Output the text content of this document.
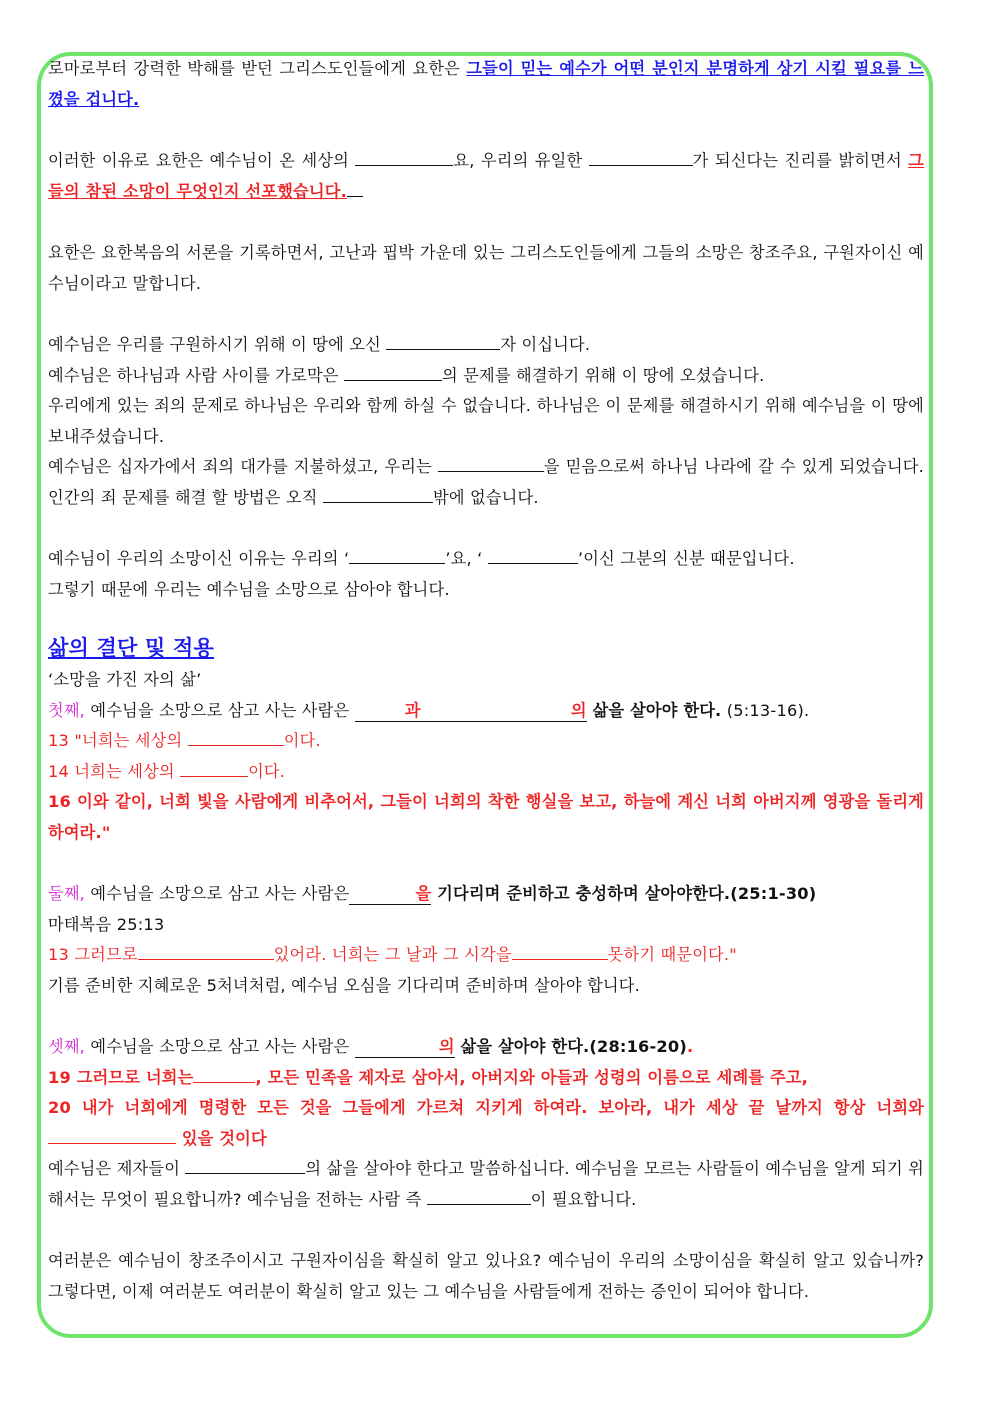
로마로부터 강력한 박해를 받던 그리스도인들에게 요한은 그들이 믿는 예수가 어떤 분인지 분명하게 상기 시킬 필요를 느꼈을 겁니다.

이러한 이유로 요한은 예수님이 온 세상의	요, 우리의 유일한	가 되신다는 진리를 밝히면서 그들의 참된 소망이 무엇인지 선포했습니다.

요한은 요한복음의 서론을 기록하면서, 고난과 핍박 가운데 있는 그리스도인들에게 그들의 소망은 창조주요, 구원자이신 예수님이라고 말합니다.

예수님은 우리를 구원하시기 위해 이 땅에 오신	자 이십니다.

예수님은 하나님과 사람 사이를 가로막은	의 문제를 해결하기 위해 이 땅에 오셨습니다.

우리에게 있는 죄의 문제로 하나님은 우리와 함께 하실 수 없습니다. 하나님은 이 문제를 해결하시기 위해 예수님을 이 땅에 보내주셨습니다.

예수님은 십자가에서 죄의 대가를 지불하셨고, 우리는	을 믿음으로써 하나님 나라에 갈 수 있게 되었습니다. 인간의 죄 문제를 해결 할 방법은 오직	밖에 없습니다.

예수님이 우리의 소망이신 이유는 우리의 ‘	’요, ‘	’이신 그분의 신분 때문입니다.

그렇기 때문에 우리는 예수님을 소망으로 삼아야 합니다.

삶의 결단 및 적용

‘소망을 가진 자의 삶’

첫째, 예수님을 소망으로 삼고 사는 사람은	과	의 삶을 살아야 한다. (5:13-16).

13 "너희는 세상의	이다.

14 너희는 세상의	이다.

16 이와 같이, 너희 빛을 사람에게 비추어서, 그들이 너희의 착한 행실을 보고, 하늘에 계신 너희 아버지께 영광을 돌리게 하여라."

둘째, 예수님을 소망으로 삼고 사는 사람은	을 기다리며 준비하고 충성하며 살아야한다.(25:1-30)

마태복음 25:13

13 그러므로	있어라. 너희는 그 날과 그 시각을	못하기 때문이다."

기름 준비한 지혜로운 5처녀처럼, 예수님 오심을 기다리며 준비하며 살아야 합니다.

셋째, 예수님을 소망으로 삼고 사는 사람은	의 삶을 살아야 한다.(28:16-20).

19 그러므로 너희는	, 모든 민족을 제자로 삼아서, 아버지와 아들과 성령의 이름으로 세례를 주고,

20 내가 너희에게 명령한 모든 것을 그들에게 가르쳐 지키게 하여라. 보아라, 내가 세상 끝 날까지 항상 너희와  있을 것이다

예수님은 제자들이	의 삶을 살아야 한다고 말씀하십니다. 예수님을 모르는 사람들이 예수님을 알게 되기 위해서는 무엇이 필요합니까? 예수님을 전하는 사람 즉	이 필요합니다.

여러분은 예수님이 창조주이시고 구원자이심을 확실히 알고 있나요? 예수님이 우리의 소망이심을 확실히 알고 있습니까? 그렇다면, 이제 여러분도 여러분이 확실히 알고 있는 그 예수님을 사람들에게 전하는 증인이 되어야 합니다.
